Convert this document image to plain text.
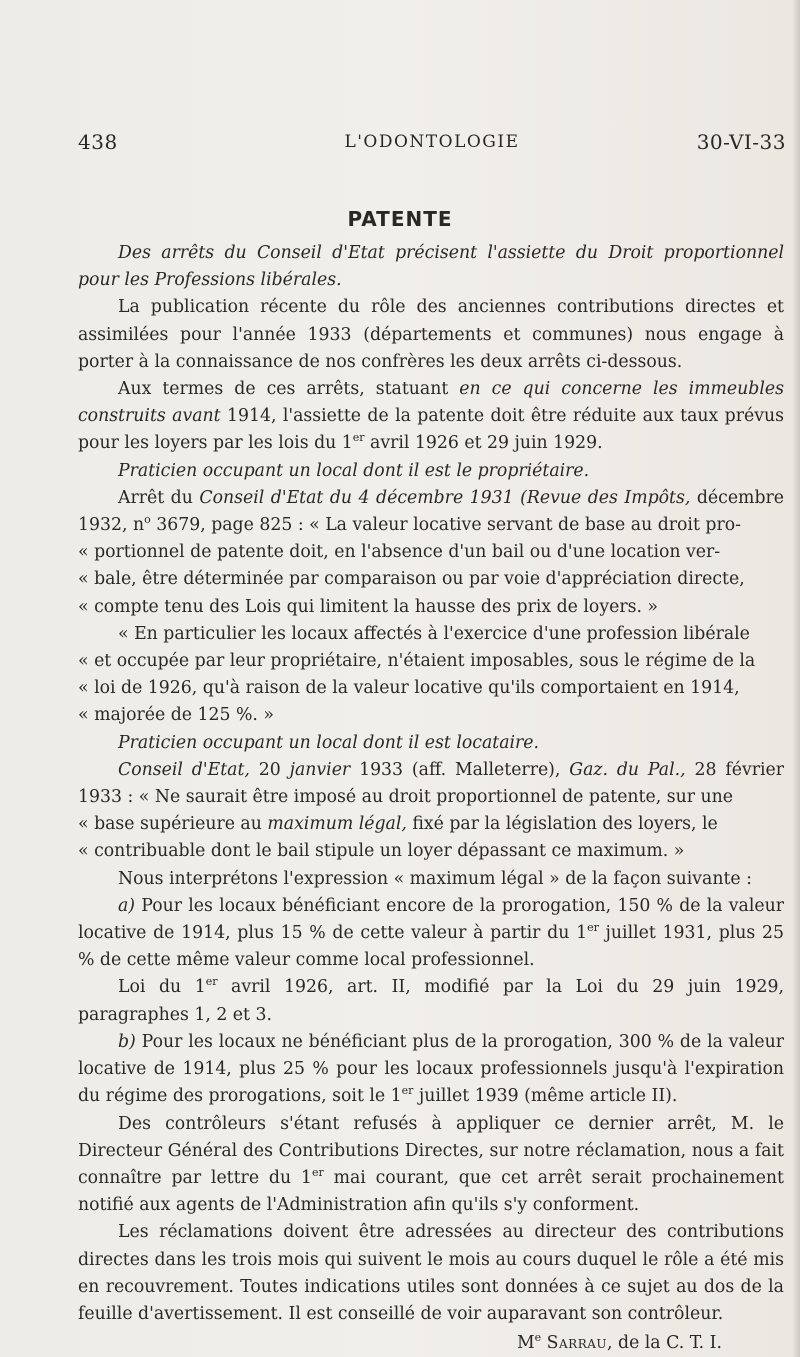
438	L'ODONTOLOGIE	30-VI-33
PATENTE

Des arrêts du Conseil d'Etat précisent l'assiette du Droit proportionnel pour les Professions libérales.

La publication récente du rôle des anciennes contributions directes et assimilées pour l'année 1933 (départements et communes) nous engage à porter à la connaissance de nos confrères les deux arrêts ci-dessous.

Aux termes de ces arrêts, statuant en ce qui concerne les immeubles construits avant 1914, l'assiette de la patente doit être réduite aux taux prévus pour les loyers par les lois du 1er avril 1926 et 29 juin 1929.

Praticien occupant un local dont il est le propriétaire.

Arrêt du Conseil d'Etat du 4 décembre 1931 (Revue des Impôts, décembre 1932, $n^o$ 3679, page 825 : « La valeur locative servant de base au droit pro-

« portionnel de patente doit, en l'absence d'un bail ou d'une location ver-

« bale, être déterminée par comparaison ou par voie d'appréciation directe,

« compte tenu des Lois qui limitent la hausse des prix de loyers. »

« En particulier les locaux affectés à l'exercice d'une profession libérale

« et occupée par leur propriétaire, n'étaient imposables, sous le régime de la

« loi de 1926, qu'à raison de la valeur locative qu'ils comportaient en 1914,

« majorée de 125 %. »

Praticien occupant un local dont il est locataire.

Conseil d'Etat, 20 janvier 1933 (aff. Malleterre), Gaz. du Pal., 28 février 1933 : « Ne saurait être imposé au droit proportionnel de patente, sur une

« base supérieure au maximum légal, fixé par la législation des loyers, le

« contribuable dont le bail stipule un loyer dépassant ce maximum. »

Nous interprétons l'expression « maximum légal » de la façon suivante :

a) Pour les locaux bénéficiant encore de la prorogation, 150 % de la valeur locative de 1914, plus 15 % de cette valeur à partir du 1er juillet 1931, plus 25 % de cette même valeur comme local professionnel.

Loi du 1er avril 1926, art. II, modifié par la Loi du 29 juin 1929, paragraphes 1, 2 et 3.

b) Pour les locaux ne bénéficiant plus de la prorogation, 300 % de la valeur locative de 1914, plus 25 % pour les locaux professionnels jusqu'à l'expiration du régime des prorogations, soit le 1er juillet 1939 (même article II).

Des contrôleurs s'étant refusés à appliquer ce dernier arrêt, M. le Directeur Général des Contributions Directes, sur notre réclamation, nous a fait connaître par lettre du 1er mai courant, que cet arrêt serait prochainement notifié aux agents de l'Administration afin qu'ils s'y conforment.

Les réclamations doivent être adressées au directeur des contributions directes dans les trois mois qui suivent le mois au cours duquel le rôle a été mis en recouvrement. Toutes indications utiles sont données à ce sujet au dos de la feuille d'avertissement. Il est conseillé de voir auparavant son contrôleur.

Me Sarrau, de la C. T. I.
